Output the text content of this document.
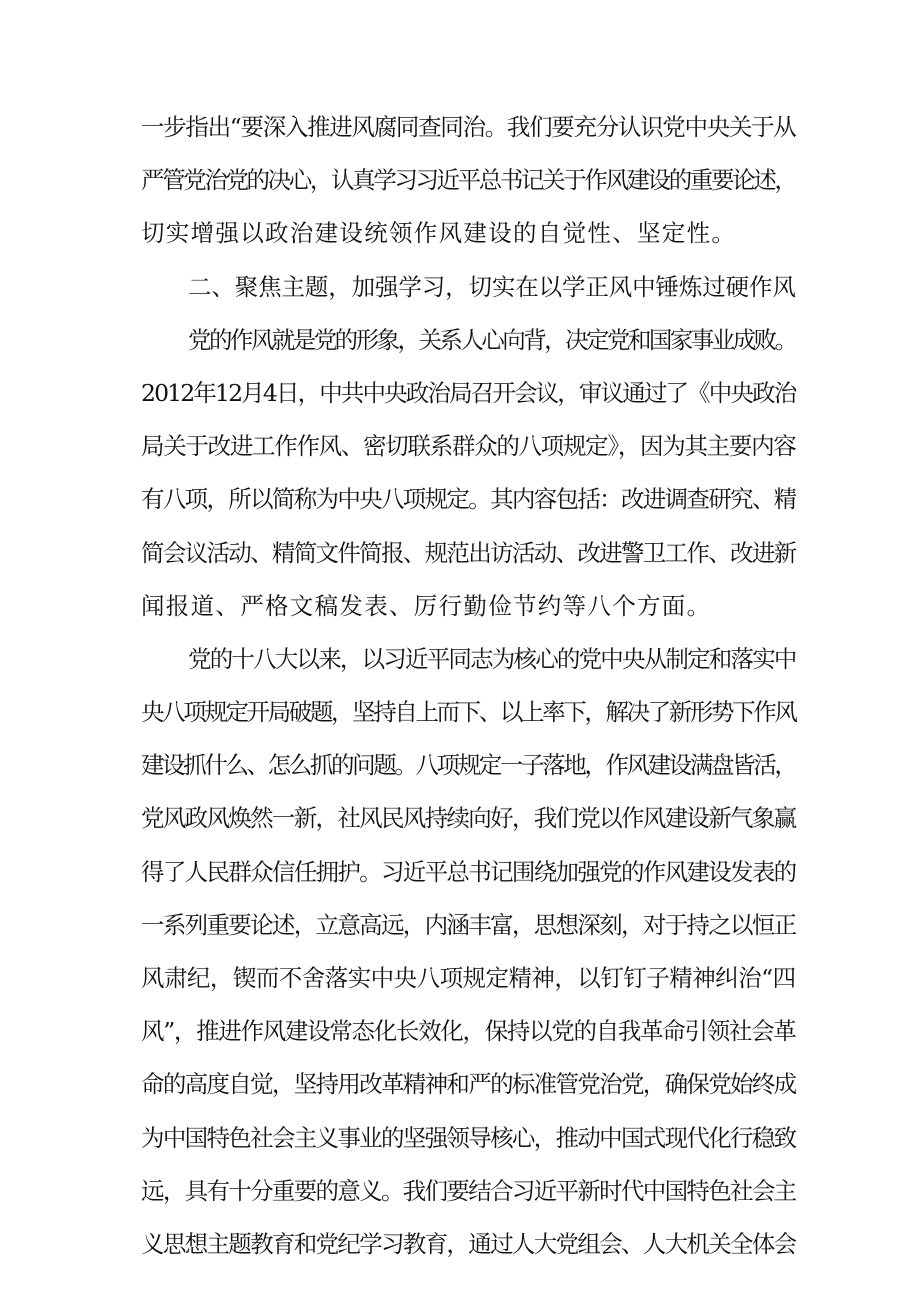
一步指出“要深入推进风腐同查同治。我们要充分认识党中央关于从
严管党治党的决心，认真学习习近平总书记关于作风建设的重要论述，
切实增强以政治建设统领作风建设的自觉性、坚定性。
二、聚焦主题，加强学习，切实在以学正风中锤炼过硬作风
党的作风就是党的形象，关系人心向背，决定党和国家事业成败。
2012年12月4日，中共中央政治局召开会议，审议通过了《中央政治
局关于改进工作作风、密切联系群众的八项规定》，因为其主要内容
有八项，所以简称为中央八项规定。其内容包括：改进调查研究、精
简会议活动、精简文件简报、规范出访活动、改进警卫工作、改进新
闻报道、严格文稿发表、厉行勤俭节约等八个方面。
党的十八大以来，以习近平同志为核心的党中央从制定和落实中
央八项规定开局破题，坚持自上而下、以上率下，解决了新形势下作风
建设抓什么、怎么抓的问题。八项规定一子落地，作风建设满盘皆活，
党风政风焕然一新，社风民风持续向好，我们党以作风建设新气象赢
得了人民群众信任拥护。习近平总书记围绕加强党的作风建设发表的
一系列重要论述，立意高远，内涵丰富，思想深刻，对于持之以恒正
风肃纪，锲而不舍落实中央八项规定精神，以钉钉子精神纠治“四
风”，推进作风建设常态化长效化，保持以党的自我革命引领社会革
命的高度自觉，坚持用改革精神和严的标准管党治党，确保党始终成
为中国特色社会主义事业的坚强领导核心，推动中国式现代化行稳致
远，具有十分重要的意义。我们要结合习近平新时代中国特色社会主
义思想主题教育和党纪学习教育，通过人大党组会、人大机关全体会
